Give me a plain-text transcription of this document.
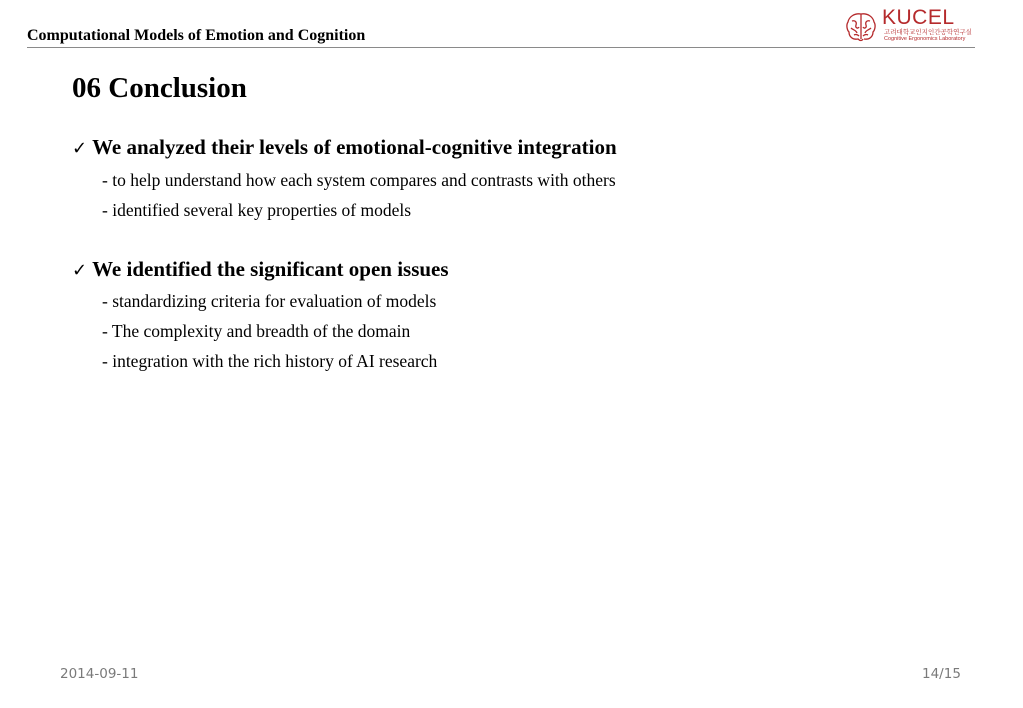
Computational Models of Emotion and Cognition
KUCEL
고려대학교인지인간공학연구실
Cognitive Ergonomics Laboratory
06 Conclusion
✓ We analyzed their levels of emotional-cognitive integration
- to help understand how each system compares and contrasts with others
- identified several key properties of models
✓ We identified the significant open issues
- standardizing criteria for evaluation of models
- The complexity and breadth of the domain
- integration with the rich history of AI research
2014-09-11	14/15
